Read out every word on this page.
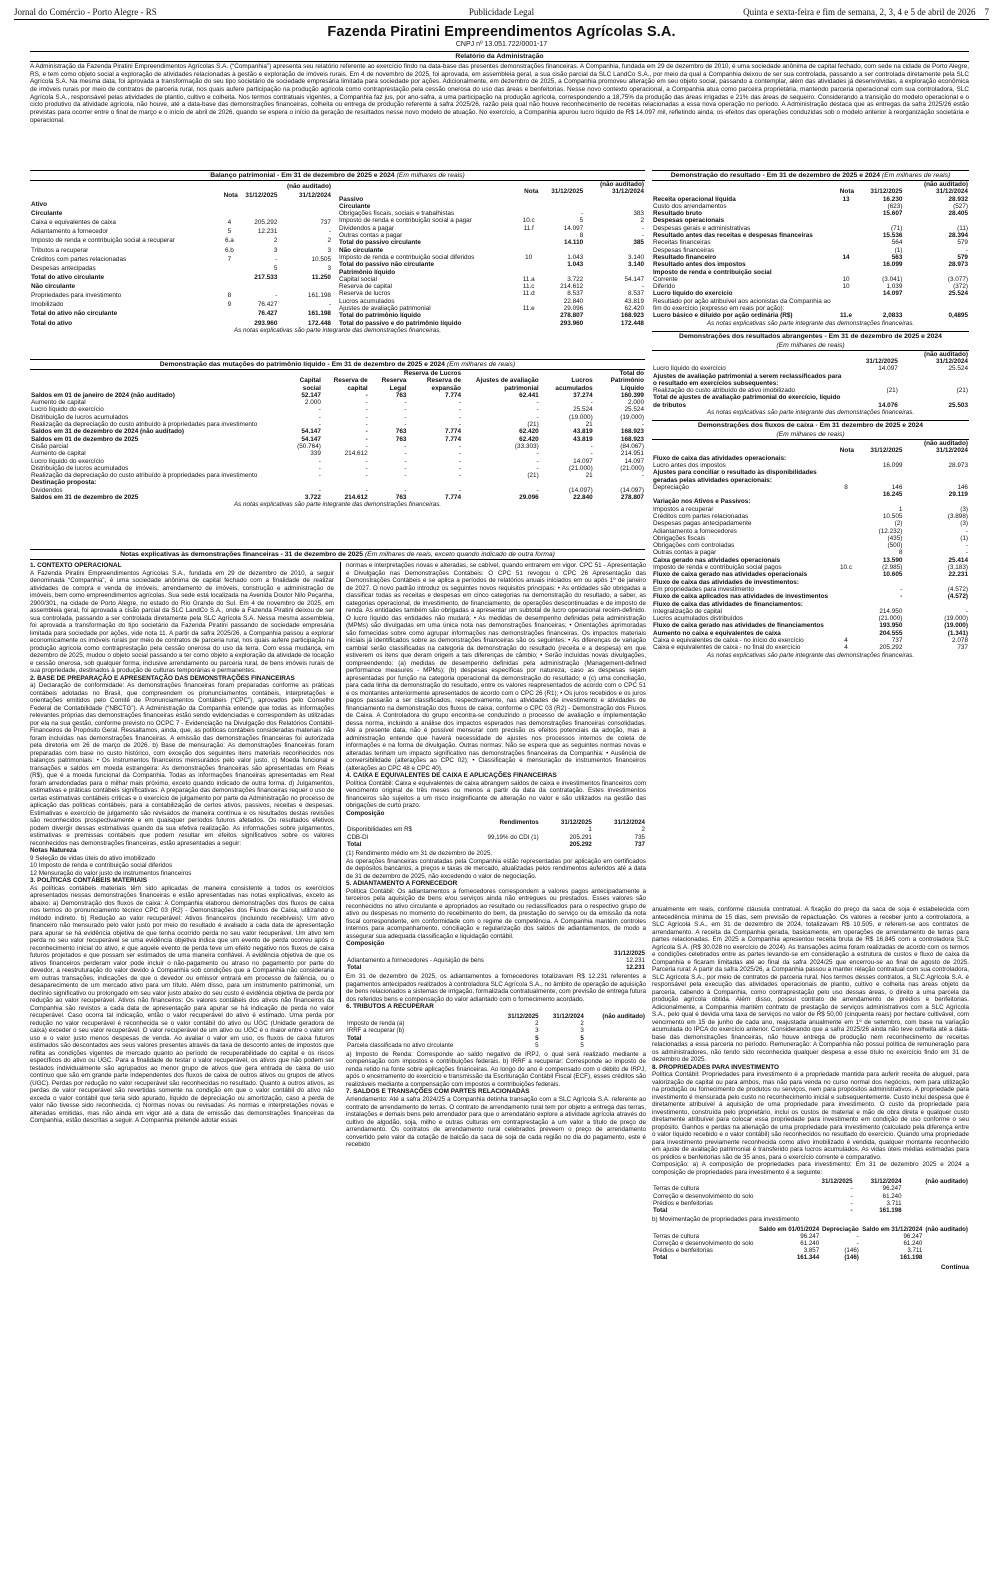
Jornal do Comércio - Porto Alegre - RS	Publicidade Legal	Quinta e sexta-feira e fim de semana, 2, 3, 4 e 5 de abril de 2026 7
Fazenda Piratini Empreendimentos Agrícolas S.A.
CNPJ nº 13.051.722/0001-17
Relatório da Administração

A Administração da Fazenda Piratini Empreendimentos Agrícolas S.A. (“Companhia”) apresenta seu relatório referente ao exercício findo na data-base das presentes demonstrações financeiras. A Companhia, fundada em 29 de dezembro de 2010, é uma sociedade anônima de capital fechado, com sede na cidade de Porto Alegre, RS, e tem como objeto social a exploração de atividades relacionadas à gestão e exploração de imóveis rurais. Em 4 de novembro de 2025, foi aprovada, em assembleia geral, a sua cisão parcial da SLC LandCo S.A., por meio da qual a Companhia deixou de ser sua controlada, passando a ser controlada diretamente pela SLC Agrícola S.A. Na mesma data, foi aprovada a transformação do seu tipo societário de sociedade empresária limitada para sociedade por ações. Adicionalmente, em dezembro de 2025, a Companhia promoveu alteração em seu objeto social, passando a contemplar, além das atividades já desenvolvidas, a exploração econômica de imóveis rurais por meio de contratos de parceria rural, nos quais aufere participação na produção agrícola como contraprestação pela cessão onerosa do uso das áreas e benfeitorias. Nesse novo contexto operacional, a Companhia atua como parceira proprietária, mantendo parceria operacional com sua controladora, SLC Agrícola S.A., responsável pelas atividades de plantio, cultivo e colheita. Nos termos contratuais vigentes, a Companhia faz jus, por ano-safra, a uma participação na produção agrícola, correspondendo a 18,75% da produção das áreas irrigadas e 21% das áreas de sequeiro. Considerando a transição do modelo operacional e o ciclo produtivo da atividade agrícola, não houve, até a data-base das demonstrações financeiras, colheita ou entrega de produção referente à safra 2025/26, razão pela qual não houve reconhecimento de receitas relacionadas a essa nova operação no período. A Administração destaca que as entregas da safra 2025/26 estão previstas para ocorrer entre o final de março e o início de abril de 2026, quando se espera o início da geração de resultados nesse novo modelo de atuação. No exercício, a Companhia apurou lucro líquido de R$ 14.097 mil, refletindo ainda, os efeitos das operações conduzidas sob o modelo anterior à reorganização societária e operacional.

Balanço patrimonial - Em 31 de dezembro de 2025 e 2024 (Em milhares de reais)
			(não auditado)
	Nota	31/12/2025	31/12/2024
Ativo			
Circulante			
Caixa e equivalentes de caixa	4	205.292	737
Adiantamento a fornecedor	5	12.231	-
Imposto de renda e contribuição social a recuperar	6.a	2	2
Tributos a recuperar	6.b	3	3
Créditos com partes relacionadas	7	-	10.505
Despesas antecipadas		5	3
Total do ativo circulante		217.533	11.250
Não circulante			
Propriedades para investimento	8	-	161.198
Imobilizado	9	76.427	-
Total do ativo não circulante		76.427	161.198
Total do ativo		293.960	172.448
			(não auditado)
	Nota	31/12/2025	31/12/2024
Passivo			
Circulante			
Obrigações fiscais, sociais e trabalhistas		-	383
Imposto de renda e contribuição social a pagar	10.c	5	2
Dividendos a pagar	11.f	14.097	-
Outras contas a pagar		8	-
Total do passivo circulante		14.110	385
Não circulante			
Imposto de renda e contribuição social diferidos	10	1.043	3.140
Total do passivo não circulante		1.043	3.140
Patrimônio líquido			
Capital social	11.a	3.722	54.147
Reserva de capital	11.c	214.612	-
Reserva de lucros	11.d	8.537	8.537
Lucros acumulados		22.840	43.819
Ajustes de avaliação patrimonial	11.e	29.096	62.420
Total do patrimônio líquido		278.807	168.923
Total do passivo e do patrimônio líquido		293.960	172.448
As notas explicativas são parte integrante das demonstrações financeiras.
Demonstração das mutações do patrimônio líquido - Em 31 de dezembro de 2025 e 2024 (Em milhares de reais)
			Reserva de Lucros				Total do
	Capital social	Reserva de capital	Reserva Legal	Reserva de expansão	Ajustes de avaliação patrimonial	Lucros acumulados	Patrimônio Líquido
Saldos em 01 de janeiro de 2024 (não auditado)	52.147	-	763	7.774	62.441	37.274	160.399
Aumento de capital	2.000	-	-	-	-	-	2.000
Lucro líquido do exercício	-	-	-	-	-	25.524	25.524
Distribuição de lucros acumulados	-	-	-	-	-	(19.000)	(19.000)
Realização da depreciação do custo atribuído à propriedades para investimento	-	-	-	-	(21)	21	-
Saldos em 31 de dezembro de 2024 (não auditado)	54.147	-	763	7.774	62.420	43.819	168.923
Saldos em 01 de dezembro de 2025	54.147	-	763	7.774	62.420	43.819	168.923
Cisão parcial	(50.764)	-	-	-	(33.303)	-	(84.067)
Aumento de capital	339	214.612	-	-	-	-	214.951
Lucro líquido do exercício	-	-	-	-	-	14.097	14.097
Distribuição de lucros acumulados	-	-	-	-	-	(21.000)	(21.000)
Realização da depreciação do custo atribuído à propriedades para investimento	-	-	-	-	(21)	21	-
Destinação proposta:							
Dividendos	-	-	-	-	-	(14.097)	(14.097)
Saldos em 31 de dezembro de 2025	3.722	214.612	763	7.774	29.096	22.840	278.807
As notas explicativas são parte integrante das demonstrações financeiras.
Demonstração do resultado - Em 31 de dezembro de 2025 e 2024 (Em milhares de reais)
			(não auditado)
	Nota	31/12/2025	31/12/2024
Receita operacional líquida	13	16.230	28.932
Custo dos arrendamentos		(623)	(527)
Resultado bruto		15.607	28.405
Despesas operacionais			
Despesas gerais e administrativas		(71)	(11)
Resultado antes das receitas e despesas financeiras		15.536	28.394
Receitas financeiras		564	579
Despesas financeiras		(1)	-
Resultado financeiro	14	563	579
Resultado antes dos impostos		16.099	28.973
Imposto de renda e contribuição social			
Corrente	10	(3.041)	(3.077)
Diferido	10	1.039	(372)
Lucro líquido do exercício		14.097	25.524
Resultado por ação atribuível aos acionistas da Companhia ao fim do exercício (expresso em reais por ação):			
Lucro básico e diluído por ação ordinária (R$)	11.e	2,0833	0,4895
As notas explicativas são parte integrante das demonstrações financeiras.
Demonstrações dos resultados abrangentes - Em 31 de dezembro de 2025 e 2024
(Em milhares de reais)
		(não auditado)
	31/12/2025	31/12/2024
Lucro líquido do exercício	14.097	25.524
Ajustes de avaliação patrimonial a serem reclassificados para o resultado em exercícios subsequentes:		
Realização do custo atribuído de ativo imobilizado	(21)	(21)
Total de ajustes de avaliação patrimonial do exercício, líquido de tributos	14.076	25.503
As notas explicativas são parte integrante das demonstrações financeiras.
Demonstrações dos fluxos de caixa - Em 31 dezembro de 2025 e 2024
(Em milhares de reais)
			(não auditado)
	Nota	31/12/2025	31/12/2024
Fluxo de caixa das atividades operacionais:			
Lucro antes dos impostos		16.099	28.973
Ajustes para conciliar o resultado às disponibilidades geradas pelas atividades operacionais:			
Depreciação	8	146	146
		16.245	29.119
Variação nos Ativos e Passivos:			
Impostos a recuperar		1	(3)
Créditos com partes relacionadas		10.505	(3.898)
Despesas pagas antecipadamente		(2)	(3)
Adiantamento a fornecedores		(12.232)	-
Obrigações fiscais		(435)	(1)
Obrigações com controladas		(500)	-
Outras contas a pagar		8	-
Caixa gerado nas atividades operacionais		13.590	25.414
Imposto de renda e contribuição social pagos	10.c	(2.985)	(3.183)
Fluxo de caixa gerado nas atividades operacionais		10.605	22.231
Fluxo de caixa das atividades de investimentos:			
Em propriedades para investimento		-	(4.572)
Fluxo de caixa aplicados nas atividades de investimentos		-	(4.572)
Fluxo de caixa das atividades de financiamentos:			
Integralização de capital		214.950	-
Lucros acumulados distribuídos		(21.000)	(19.000)
Fluxo de caixa gerado nas atividades de financiamentos		193.950	(19.000)
Aumento no caixa e equivalentes de caixa		204.555	(1.341)
Caixa e equivalentes de caixa - no início do exercício	4	737	2.078
Caixa e equivalentes de caixa - no final do exercício	4	205.292	737
As notas explicativas são parte integrante das demonstrações financeiras.
Notas explicativas às demonstrações financeiras - 31 de dezembro de 2025 (Em milhares de reais, exceto quando indicado de outra forma)
1. CONTEXTO OPERACIONAL

A Fazenda Piratini Empreendimentos Agrícolas S.A., fundada em 29 de dezembro de 2010, a seguir denominada “Companhia”, é uma sociedade anônima de capital fechado com a finalidade de realizar atividades de compra e venda de imóveis, arrendamento de imóveis, construção e administração de imóveis, bem como empreendimentos agrícolas. Sua sede está localizada na Avenida Doutor Nilo Peçanha, 2900/301, na cidade de Porto Alegre, no estado do Rio Grande do Sul. Em 4 de novembro de 2025, em assembleia geral, foi aprovada a cisão parcial da SLC LandCo S.A., onde a Fazenda Piratini deixou de ser sua controlada, passando a ser controlada diretamente pela SLC Agrícola S.A. Nessa mesma assembleia, foi aprovada a transformação do tipo societário da Fazenda Piratini passando de sociedade empresária limitada para sociedade por ações, vide nota 11. A partir da safra 2025/26, a Companhia passou a explorar economicamente os imóveis rurais por meio de contratos de parceria rural, nos quais aufere participação na produção agrícola como contraprestação pela cessão onerosa do uso da terra. Com essa mudança, em dezembro de 2025, mudou o objeto social passando a ter como objeto a exploração da atividade de locação e cessão onerosa, sob qualquer forma, inclusive arrendamento ou parceria rural, de bens imóveis rurais de sua propriedade, destinados à produção de culturas temporárias e permanentes.

2. BASE DE PREPARAÇÃO E APRESENTAÇÃO DAS DEMONSTRAÇÕES FINANCEIRAS

a) Declaração de conformidade: As demonstrações financeiras foram preparadas conforme as práticas contábeis adotadas no Brasil, que compreendem os pronunciamentos contábeis, interpretações e orientações emitidos pelo Comitê de Pronunciamentos Contábeis (“CPC”), aprovados pelo Conselho Federal de Contabilidade (“NBCTG”). A Administração da Companhia entende que todas as informações relevantes próprias das demonstrações financeiras estão sendo evidenciadas e correspondem às utilizadas por ela na sua gestão, conforme previsto no OCPC 7 - Evidenciação na Divulgação dos Relatórios Contábil-Financeiros de Propósito Geral. Ressaltamos, ainda, que, as políticas contábeis consideradas materiais não foram incluídas nas demonstrações financeiras. A emissão das demonstrações financeiras foi autorizada pela diretoria em 26 de março de 2026. b) Base de mensuração: As demonstrações financeiras foram preparadas com base no custo histórico, com exceção dos seguintes itens materiais reconhecidos nos balanços patrimoniais: • Os instrumentos financeiros mensurados pelo valor justo. c) Moeda funcional e transações e saldos em moeda estrangeira: As demonstrações financeiras são apresentadas em Reais (R$), que é a moeda funcional da Companhia. Todas as informações financeiras apresentadas em Real foram arredondadas para o milhar mais próximo, exceto quando indicado de outra forma. d) Julgamentos, estimativas e práticas contábeis significativas: A preparação das demonstrações financeiras requer o uso de certas estimativas contábeis críticas e o exercício de julgamento por parte da Administração no processo de aplicação das políticas contábeis, para a contabilização de certos ativos, passivos, receitas e despesas. Estimativas e exercício de julgamento são revisados de maneira contínua e os resultados destas revisões são reconhecidos prospectivamente e em quaisquer períodos futuros afetados. Os resultados efetivos podem divergir dessas estimativas quando da sua efetiva realização. As informações sobre julgamentos, estimativas e premissas contábeis que podem resultar em efeitos significativos sobre os valores reconhecidos nas demonstrações financeiras, estão apresentadas a seguir:

Notas Natureza

9 Seleção de vidas úteis do ativo imobilizado

10 Imposto de renda e contribuição social diferidos

12 Mensuração do valor justo de instrumentos financeiros

3. POLÍTICAS CONTÁBEIS MATERIAIS

As políticas contábeis materiais têm sido aplicadas de maneira consistente a todos os exercícios apresentados nessas demonstrações financeiras e estão apresentadas nas notas explicativas, exceto as abaixo: a) Demonstração dos fluxos de caixa: A Companhia elaborou demonstrações dos fluxos de caixa nos termos do pronunciamento técnico CPC 03 (R2) - Demonstrações dos Fluxos de Caixa, utilizando o método indireto. b) Redução ao valor recuperável: Ativos financeiros (incluindo recebíveis): Um ativo financeiro não mensurado pelo valor justo por meio do resultado é avaliado a cada data de apresentação para apurar se há evidência objetiva de que tenha ocorrido perda no seu valor recuperável. Um ativo tem perda no seu valor recuperável se uma evidência objetiva indica que um evento de perda ocorreu após o reconhecimento inicial do ativo, e que aquele evento de perda teve um efeito negativo nos fluxos de caixa futuros projetados e que possam ser estimados de uma maneira confiável. A evidência objetiva de que os ativos financeiros perderam valor pode incluir o não-pagamento ou atraso no pagamento por parte do devedor, a reestruturação do valor devido à Companhia sob condições que a Companhia não consideraria em outras transações, indicações de que o devedor ou emissor entrará em processo de falência, ou o desaparecimento de um mercado ativo para um título. Além disso, para um instrumento patrimonial, um declínio significativo ou prolongado em seu valor justo abaixo do seu custo é evidência objetiva de perda por redução ao valor recuperável. Ativos não financeiros: Os valores contábeis dos ativos não financeiros da Companhia são revistos a cada data de apresentação para apurar se há indicação de perda no valor recuperável. Caso ocorra tal indicação, então o valor recuperável do ativo é estimado. Uma perda por redução no valor recuperável é reconhecida se o valor contábil do ativo ou UGC (Unidade geradora de caixa) exceder o seu valor recuperável. O valor recuperável de um ativo ou UGC é o maior entre o valor em uso e o valor justo menos despesas de venda. Ao avaliar o valor em uso, os fluxos de caixa futuros estimados são descontados aos seus valores presentes através da taxa de desconto antes de impostos que reflita as condições vigentes de mercado quanto ao período de recuperabilidade do capital e os riscos específicos do ativo ou UGC. Para a finalidade de testar o valor recuperável, os ativos que não podem ser testados individualmente são agrupados ao menor grupo de ativos que gera entrada de caixa de uso contínuo que são em grande parte independentes dos fluxos de caixa de outros ativos ou grupos de ativos (UGC). Perdas por redução no valor recuperável são reconhecidas no resultado. Quanto a outros ativos, as perdas de valor recuperável são revertidas somente na condição em que o valor contábil do ativo não exceda o valor contábil que teria sido apurado, líquido de depreciação ou amortização, caso a perda de valor não tivesse sido reconhecida. c) Normas novas ou revisadas: As normas e interpretações novas e alteradas emitidas, mas não ainda em vigor até a data de emissão das demonstrações financeiras da Companhia, estão descritas a seguir. A Companhia pretende adotar essas

normas e interpretações novas e alteradas, se cabível, quando entrarem em vigor. CPC 51 - Apresentação e Divulgação nas Demonstrações Contábeis: O CPC 51 revogou o CPC 26 Apresentação das Demonstrações Contábeis e se aplica a períodos de relatórios anuais iniciados em ou após 1º de janeiro de 2027. O novo padrão introduz os seguintes novos requisitos principais: • As entidades são obrigadas a classificar todas as receitas e despesas em cinco categorias na demonstração do resultado, a saber, as categorias operacional, de investimento, de financiamento, de operações descontinuadas e de imposto de renda. As entidades também são obrigadas a apresentar um subtotal de lucro operacional recém-definido. O lucro líquido das entidades não mudará; • As medidas de desempenho definidas pela administração (MPMs) são divulgadas em uma única nota nas demonstrações financeiras; • Orientações aprimoradas são fornecidas sobre como agrupar informações nas demonstrações financeiras. Os impactos materiais iniciais já identificados sobre as demonstrações financeiras são os seguintes: • As diferenças de variação cambial serão classificadas na categoria da demonstração do resultado (receita e a despesa) em que estiverem os itens que deram origem a tais diferenças de câmbio; • Serão incluídas novas divulgações, compreendendo: (a) medidas de desempenho definidas pela administração (Management-defined performance measures - MPMs); (b) despesas específicas por natureza, caso as despesas sejam apresentadas por função na categoria operacional da demonstração do resultado; e (c) uma conciliação, para cada linha da demonstração do resultado, entre os valores reapresentados de acordo com o CPC 51 e os montantes anteriormente apresentados de acordo com o CPC 26 (R1); • Os juros recebidos e os juros pagos passarão a ser classificados, respectivamente, nas atividades de investimento e atividades de financiamento na demonstração dos fluxos de caixa, conforme o CPC 03 (R2) - Demonstração dos Fluxos de Caixa. A Controladora do grupo encontra-se conduzindo o processo de avaliação e implementação dessa norma, incluindo a análise dos impactos esperados nas demonstrações financeiras consolidadas. Até a presente data, não é possível mensurar com precisão os efeitos potenciais da adoção, mas a administração entende que haverá necessidade de ajustes nos processos internos de coleta de informações e na forma de divulgação. Outras normas: Não se espera que as seguintes normas novas e alteradas tenham um impacto significativo nas demonstrações financeiras da Companhia: • Ausência de conversibilidade (alterações ao CPC 02); • Classificação e mensuração de instrumentos financeiros (alterações ao CPC 48 e CPC 40).

4. CAIXA E EQUIVALENTES DE CAIXA E APLICAÇÕES FINANCEIRAS

Política Contábil: Caixa e equivalentes de caixa abrangem saldos de caixa e investimentos financeiros com vencimento original de três meses ou menos a partir da data da contratação. Estes investimentos financeiros são sujeitos a um risco insignificante de alteração no valor e são utilizados na gestão das obrigações de curto prazo.

Composição
	Rendimentos	31/12/2025	31/12/2024
Disponibilidades em R$		1	2
CDB-DI	99,19% do CDI (1)	205.291	735
Total		205.292	737

(1) Rendimento médio em 31 de dezembro de 2025.

As operações financeiras contratadas pela Companhia estão representadas por aplicação em certificados de depósitos bancários, a preços e taxas de mercado, atualizadas pelos rendimentos auferidos até a data de 31 de dezembro de 2025, não excedendo o valor de negociação.

5. ADIANTAMENTO A FORNECEDOR

Política Contábil: Os adiantamentos a fornecedores correspondem a valores pagos antecipadamente a terceiros pela aquisição de bens e/ou serviços ainda não entregues ou prestados. Esses valores são reconhecidos no ativo circulante e apropriados ao resultado ou reclassificados para o respectivo grupo de ativo ou despesas no momento do recebimento do bem, da prestação do serviço ou da emissão da nota fiscal correspondente, em conformidade com o regime de competência. A Companhia mantém controles internos para acompanhamento, conciliação e regularização dos saldos de adiantamentos, de modo a assegurar sua adequada classificação e liquidação contábil.

Composição
	31/12/2025
Adiantamento a fornecedores - Aquisição de bens	12.231
Total	12.231

Em 31 de dezembro de 2025, os adiantamentos a fornecedores totalizavam R$ 12.231 referentes a pagamentos antecipados realizados à controladora SLC Agrícola S.A., no âmbito de operação de aquisição de bens relacionados a sistemas de irrigação, formalizada contratualmente, com previsão de entrega futura dos referidos bens e compensação do valor adiantado com o fornecimento acordado.

6. TRIBUTOS A RECUPERAR
	31/12/2025	31/12/2024	(não auditado)
Imposto de renda (a)	2	2	
IRRF a recuperar (b)	3	3	
Total	5	5	
Parcela classificada no ativo circulante	5	5	

a) Imposto de Renda: Corresponde ao saldo negativo de IRPJ, o qual será realizado mediante a compensação com impostos e contribuições federais. b) IRRF a recuperar: Corresponde ao imposto de renda retido na fonte sobre aplicações financeiras. Ao longo do ano é compensado com o débito de IRPJ, após o encerramento do exercício e transmissão da Escrituração Contábil Fiscal (ECF), esses créditos são realizáveis mediante a compensação com impostos e contribuições federais.

7. SALDOS E TRANSAÇÕES COM PARTES RELACIONADAS

Arrendamento: Até a safra 2024/25 a Companhia detinha transação com a SLC Agrícola S.A. referente ao contrato de arrendamento de terras. O contrato de arrendamento rural tem por objeto a entrega das terras, instalações e demais bens pelo arrendador para que o arrendatário explore a atividade agrícola através do cultivo de algodão, soja, milho e outras culturas em contraprestação a um valor a título de preço de arrendamento. Os contratos de arrendamento rural celebrados preveem o preço de arrendamento convertido pelo valor da cotação de balcão da saca de soja de cada região no dia do pagamento, este é recebido

anualmente em reais, conforme cláusula contratual. A fixação do preço da saca de soja é estabelecida com antecedência mínima de 15 dias, sem previsão de repactuação. Os valores a receber junto a controladora, a SLC Agrícola S.A., em 31 de dezembro de 2024, totalizavam R$ 10.505, e referem-se aos contratos de arrendamento. A receita da Companhia gerada, basicamente, em operações de arrendamento de terras para partes relacionadas. Em 2025 a Companhia apresentou receita bruta de R$ 16.845 com a controladora SLC Agrícola S.A. (R$ 30.028 no exercício de 2024). As transações acima foram realizadas de acordo com os termos e condições celebrados entre as partes levando-se em consideração a estrutura de custos e fluxo de caixa da Companhia e ficaram limitadas até ao final da safra 2024/25 que encerrou-se ao final de agosto de 2025. Parceria rural: A partir da safra 2025/26, a Companhia passou a manter relação contratual com sua controladora, SLC Agrícola S.A., por meio de contratos de parceria rural. Nos termos desses contratos, a SLC Agrícola S.A. é responsável pela execução das atividades operacionais de plantio, cultivo e colheita nas áreas objeto da parceria, cabendo à Companhia, como contraprestação pelo uso dessas áreas, o direito a uma parcela da produção agrícola obtida. Além disso, possui contrato de arrendamento de prédios e benfeitorias. Adicionalmente, a Companhia mantém contrato de prestação de serviços administrativos com a SLC Agrícola S.A., pelo qual é devida uma taxa de serviços no valor de R$ 50,00 (cinquenta reais) por hectare cultivável, com vencimento em 15 de junho de cada ano, reajustada anualmente em 1º de setembro, com base na variação acumulada do IPCA do exercício anterior. Considerando que a safra 2025/26 ainda não teve colheita até a data-base das demonstrações financeiras, não houve entrega de produção nem reconhecimento de receitas relacionadas a essa parceria no período. Remuneração: A Companhia não possui política de remuneração para os administradores, não tendo sido reconhecida qualquer despesa a esse título no exercício findo em 31 de dezembro de 2025.

8. PROPRIEDADES PARA INVESTIMENTO

Política Contábil: Propriedades para investimento é a propriedade mantida para auferir receita de aluguel, para valorização de capital ou para ambos, mas não para venda no curso normal dos negócios, nem para utilização na produção ou fornecimento de produtos ou serviços, nem para propósitos administrativos. A propriedade para investimento é mensurada pelo custo no reconhecimento inicial e subsequentemente. Custo inclui despesa que é diretamente atribuível à aquisição de uma propriedade para investimento. O custo da propriedade para investimento, construída pelo proprietário, inclui os custos de material e mão de obra direta e qualquer custo diretamente atribuível para colocar essa propriedade para investimento em condição de uso conforme o seu propósito. Ganhos e perdas na alienação de uma propriedade para investimento (calculado pela diferença entre o valor líquido recebido e o valor contábil) são reconhecidos no resultado do exercício. Quando uma propriedade para investimento previamente reconhecida como ativo imobilizado é vendida, qualquer montante reconhecido em ajuste de avaliação patrimonial é transferido para lucros acumulados. As vidas úteis médias estimadas para os prédios e benfeitorias são de 35 anos, para o exercício corrente e comparativo.

Composição: a) A composição de propriedades para investimento: Em 31 de dezembro 2025 e 2024 a composição de propriedades para investimento é a seguinte:

	31/12/2025	31/12/2024	(não auditado)
Terras de cultura	-	96.247	
Correção e desenvolvimento do solo	-	61.240	
Prédios e benfeitorias	-	3.711	
Total	-	161.198	

b) Movimentação de propriedades para investimento

	Saldo em 01/01/2024	Depreciação	Saldo em 31/12/2024	(não auditado)
Terras de cultura	96.247	-	96.247	
Correção e desenvolvimento do solo	61.240	-	61.240	
Prédios e benfeitorias	3.857	(146)	3.711	
Total	161.344	(146)	161.198	
Continua
